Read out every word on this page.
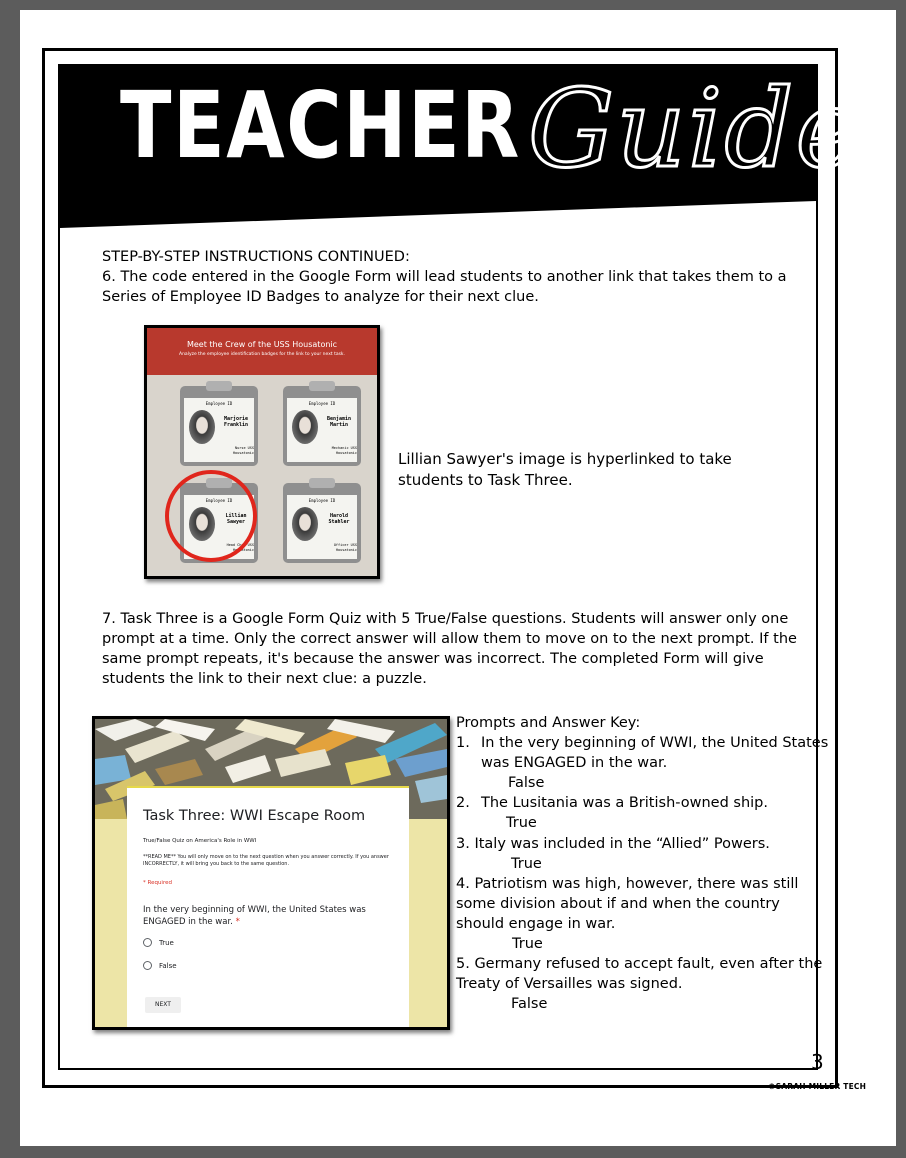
TEACHER Guide
STEP-BY-STEP INSTRUCTIONS CONTINUED:
6. The code entered in the Google Form will lead students to another link that takes them to a Series of Employee ID Badges to analyze for their next clue.
Meet the Crew of the USS Housatonic
Analyze the employee identification badges for the link to your next task.
Employee ID
Marjorie Franklin
Nurse USS Housatonic
Employee ID
Benjamin Martin
Mechanic USS Housatonic
Employee ID
Lillian Sawyer
Head Chef USS Housatonic
Employee ID
Harold Stahler
Officer USS Housatonic
Lillian Sawyer's image is hyperlinked to take students to Task Three.
7. Task Three is a Google Form Quiz with 5 True/False questions. Students will answer only one prompt at a time. Only the correct answer will allow them to move on to the next prompt. If the same prompt repeats, it's because the answer was incorrect. The completed Form will give students the link to their next clue: a puzzle.
Task Three: WWI Escape Room
True/False Quiz on America's Role in WWI
**READ ME** You will only move on to the next question when you answer correctly. If you answer INCORRECTLY, it will bring you back to the same question.
* Required
In the very beginning of WWI, the United States was ENGAGED in the war. *
True
False
NEXT
Prompts and Answer Key:
1. In the very beginning of WWI, the United States
was ENGAGED in the war.
False
2. The Lusitania was a British-owned ship.
True
3. Italy was included in the “Allied” Powers.
True
4. Patriotism was high, however, there was still
some division about if and when the country
should engage in war.
True
5. Germany refused to accept fault, even after the
Treaty of Versailles was signed.
False
3
©SARAH MILLER TECH
